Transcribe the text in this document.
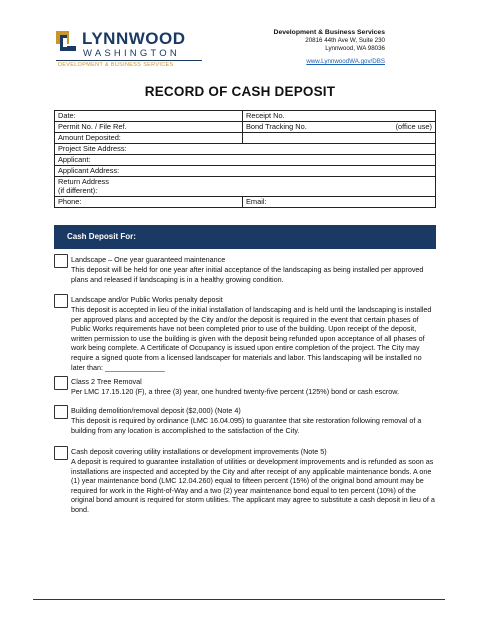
LYNNWOOD
WASHINGTON
DEVELOPMENT & BUSINESS SERVICES
Development & Business Services
20816 44th Ave W, Suite 230
Lynnwood, WA 98036
www.LynnwoodWA.gov/DBS
RECORD OF CASH DEPOSIT
Date:	Receipt No.
Permit No. / File Ref.	Bond Tracking No. (office use)

Amount Deposited:	
Project Site Address:	
Applicant:	
Applicant Address:	

Return Address
(if different):	

Phone:	Email:
Cash Deposit For:
Landscape – One year guaranteed maintenance
This deposit will be held for one year after initial acceptance of the landscaping as being installed per approved plans and released if landscaping is in a healthy growing condition.
Landscape and/or Public Works penalty deposit
This deposit is accepted in lieu of the initial installation of landscaping and is held until the landscaping is installed per approved plans and accepted by the City and/or the deposit is required in the event that certain phases of Public Works requirements have not been completed prior to use of the building. Upon receipt of the deposit, written permission to use the building is given with the deposit being refunded upon acceptance of all phases of work being complete. A Certificate of Occupancy is issued upon entire completion of the project. The City may require a signed quote from a licensed landscaper for materials and labor. This landscaping will be installed no later than: _______________
Class 2 Tree Removal
Per LMC 17.15.120 (F), a three (3) year, one hundred twenty-five percent (125%) bond or cash escrow.
Building demolition/removal deposit ($2,000) (Note 4)
This deposit is required by ordinance (LMC 16.04.095) to guarantee that site restoration following removal of a building from any location is accomplished to the satisfaction of the City.
Cash deposit covering utility installations or development improvements (Note 5)
A deposit is required to guarantee installation of utilities or development improvements and is refunded as soon as installations are inspected and accepted by the City and after receipt of any applicable maintenance bonds. A one (1) year maintenance bond (LMC 12.04.260) equal to fifteen percent (15%) of the original bond amount may be required for work in the Right-of-Way and a two (2) year maintenance bond equal to ten percent (10%) of the original bond amount is required for storm utilities. The applicant may agree to substitute a cash deposit in lieu of a bond.
